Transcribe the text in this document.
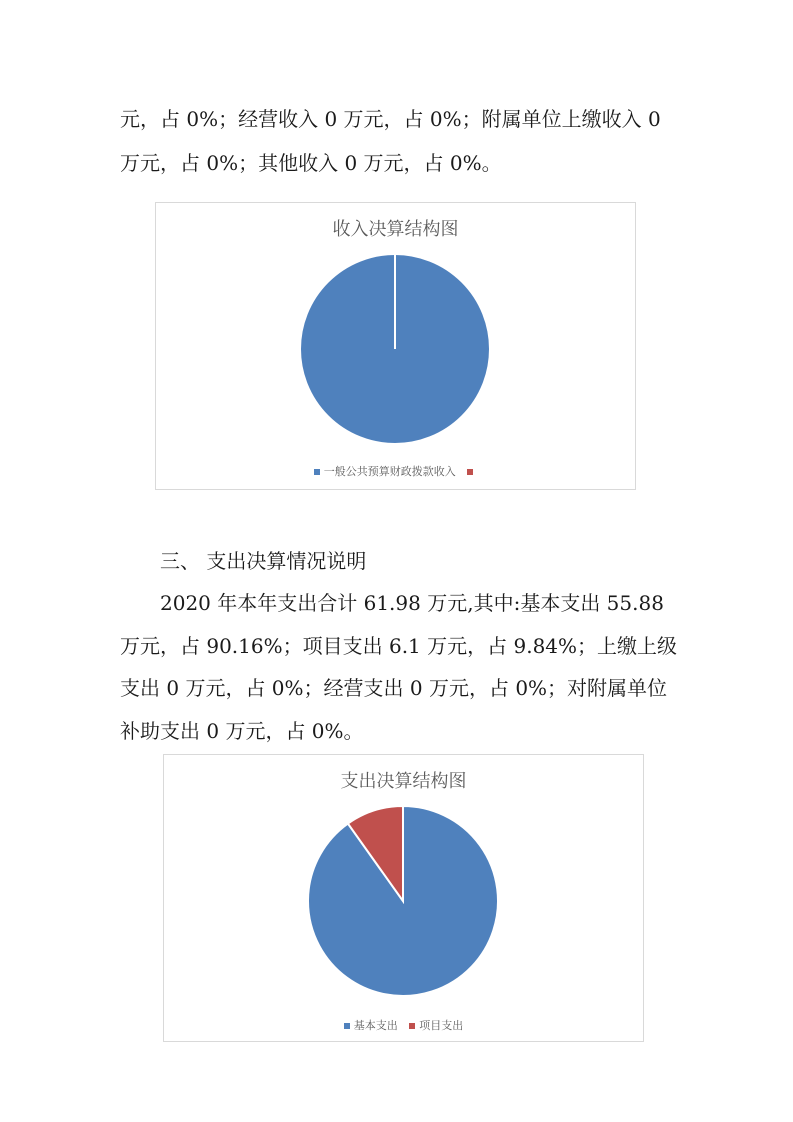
元，占 0%；经营收入 0 万元，占 0%；附属单位上缴收入 0
万元，占 0%；其他收入 0 万元，占 0%。
收入决算结构图
一般公共预算财政拨款收入
三、 支出决算情况说明
2020 年本年支出合计 61.98 万元,其中:基本支出 55.88
万元，占 90.16%；项目支出 6.1 万元，占 9.84%；上缴上级
支出 0 万元，占 0%；经营支出 0 万元，占 0%；对附属单位
补助支出 0 万元，占 0%。
支出决算结构图
基本支出 项目支出
